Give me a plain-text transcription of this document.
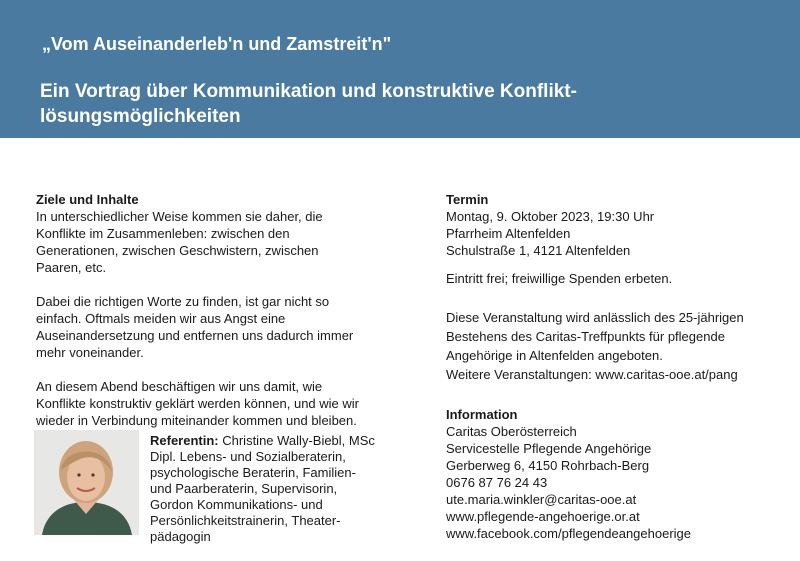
„Vom Auseinanderleb'n und Zamstreit'n"
Ein Vortrag über Kommunikation und konstruktive Konflikt-
lösungsmöglichkeiten

Ziele und Inhalte

In unterschiedlicher Weise kommen sie daher, die
Konflikte im Zusammenleben: zwischen den
Generationen, zwischen Geschwistern, zwischen
Paaren, etc.

Dabei die richtigen Worte zu finden, ist gar nicht so
einfach. Oftmals meiden wir aus Angst eine
Auseinandersetzung und entfernen uns dadurch immer
mehr voneinander.

An diesem Abend beschäftigen wir uns damit, wie
Konflikte konstruktiv geklärt werden können, und wie wir
wieder in Verbindung miteinander kommen und bleiben.

Referentin: Christine Wally-Biebl, MSc

Dipl. Lebens- und Sozialberaterin,

psychologische Beraterin, Familien-

und Paarberaterin, Supervisorin,

Gordon Kommunikations- und

Persönlichkeitstrainerin, Theater-

pädagogin

Termin

Montag, 9. Oktober 2023, 19:30 Uhr

Pfarrheim Altenfelden

Schulstraße 1, 4121 Altenfelden

Eintritt frei; freiwillige Spenden erbeten.

Diese Veranstaltung wird anlässlich des 25-jährigen

Bestehens des Caritas-Treffpunkts für pflegende

Angehörige in Altenfelden angeboten.

Weitere Veranstaltungen: www.caritas-ooe.at/pang

Information

Caritas Oberösterreich

Servicestelle Pflegende Angehörige

Gerberweg 6, 4150 Rohrbach-Berg

0676 87 76 24 43

ute.maria.winkler@caritas-ooe.at

www.pflegende-angehoerige.or.at

www.facebook.com/pflegendeangehoerige
